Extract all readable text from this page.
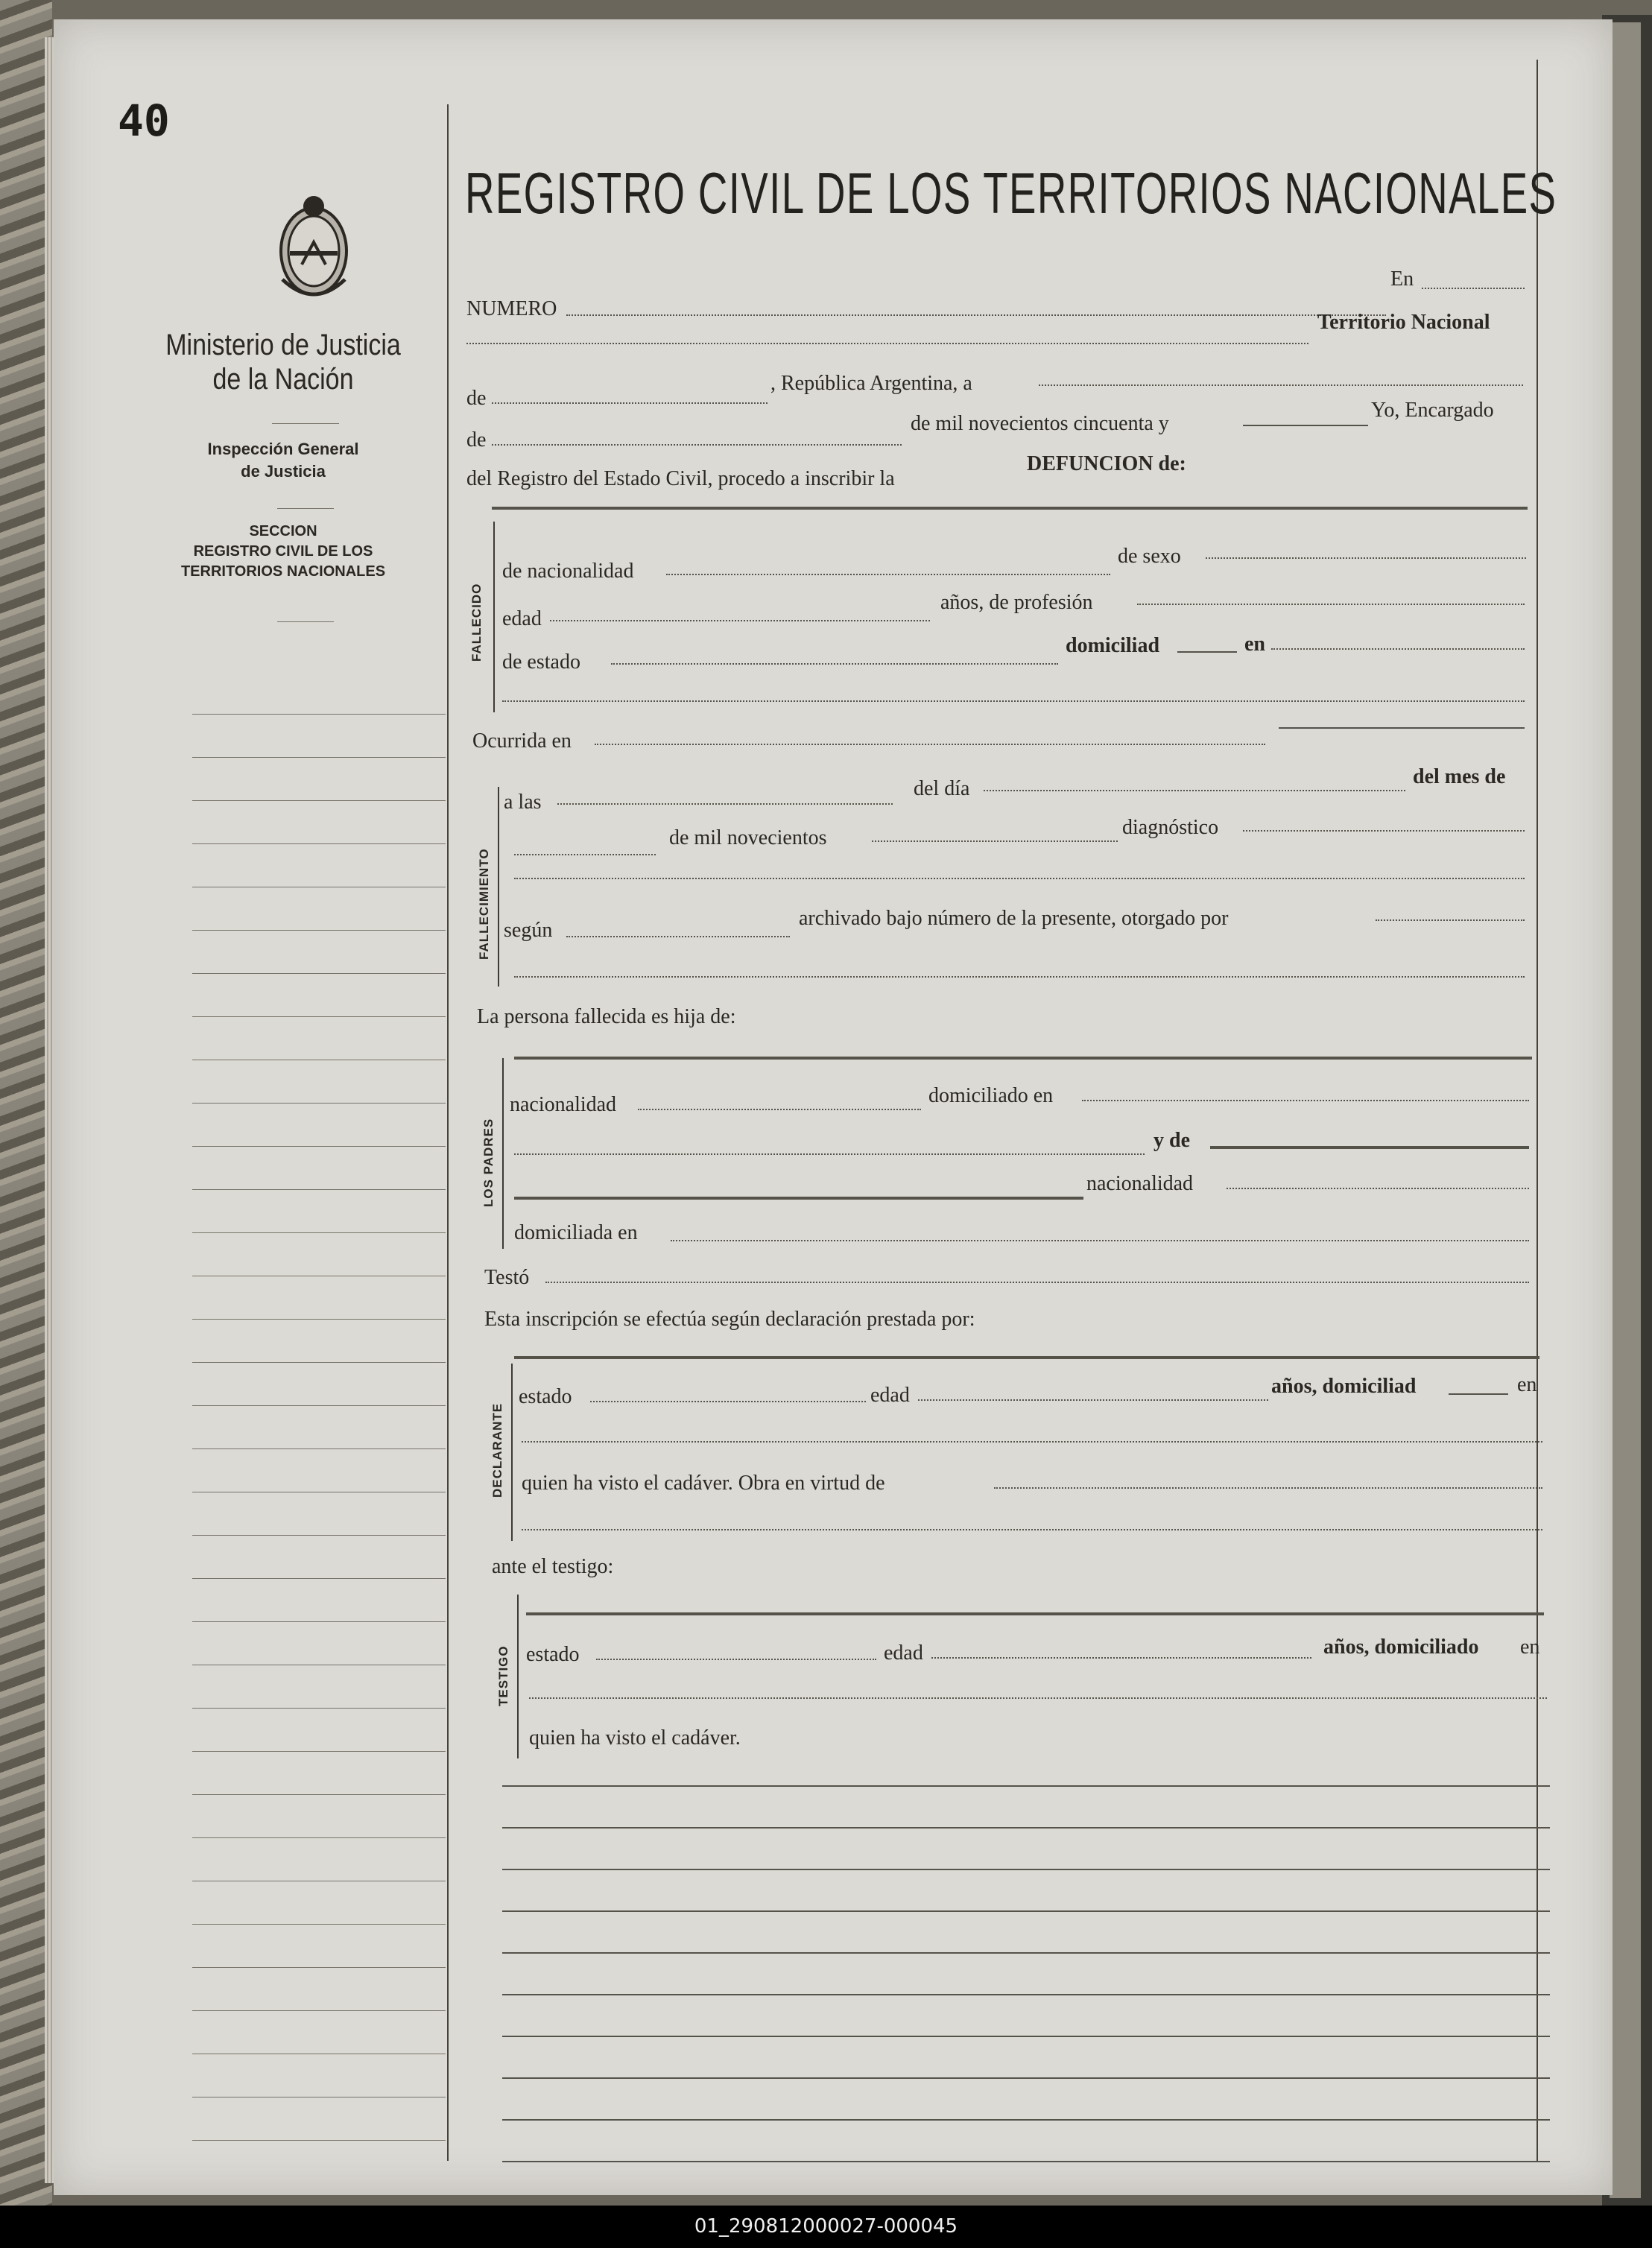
40
Ministerio de Justicia
de la Nación
Inspección General
de Justicia
SECCION
REGISTRO CIVIL DE LOS
TERRITORIOS NACIONALES
REGISTRO CIVIL DE LOS TERRITORIOS NACIONALES
En
NUMERO
Territorio Nacional
de
, República Argentina, a
de
de mil novecientos cincuenta y
Yo, Encargado
del Registro del Estado Civil, procedo a inscribir la
DEFUNCION de:
FALLECIDO
de nacionalidad
de sexo
edad
años, de profesión
de estado
domiciliad	en
Ocurrida en
FALLECIMIENTO
a las
del día
del mes de
de mil novecientos	diagnóstico
según
archivado bajo número de la presente, otorgado por
La persona fallecida es hija de:
LOS PADRES
nacionalidad	domiciliado en
y de
nacionalidad
domiciliada en
Testó
Esta inscripción se efectúa según declaración prestada por:
DECLARANTE
estado	edad	años, domiciliad	en
quien ha visto el cadáver. Obra en virtud de
ante el testigo:
TESTIGO estado	edad	años, domiciliado en
quien ha visto el cadáver.
01_290812000027-000045
